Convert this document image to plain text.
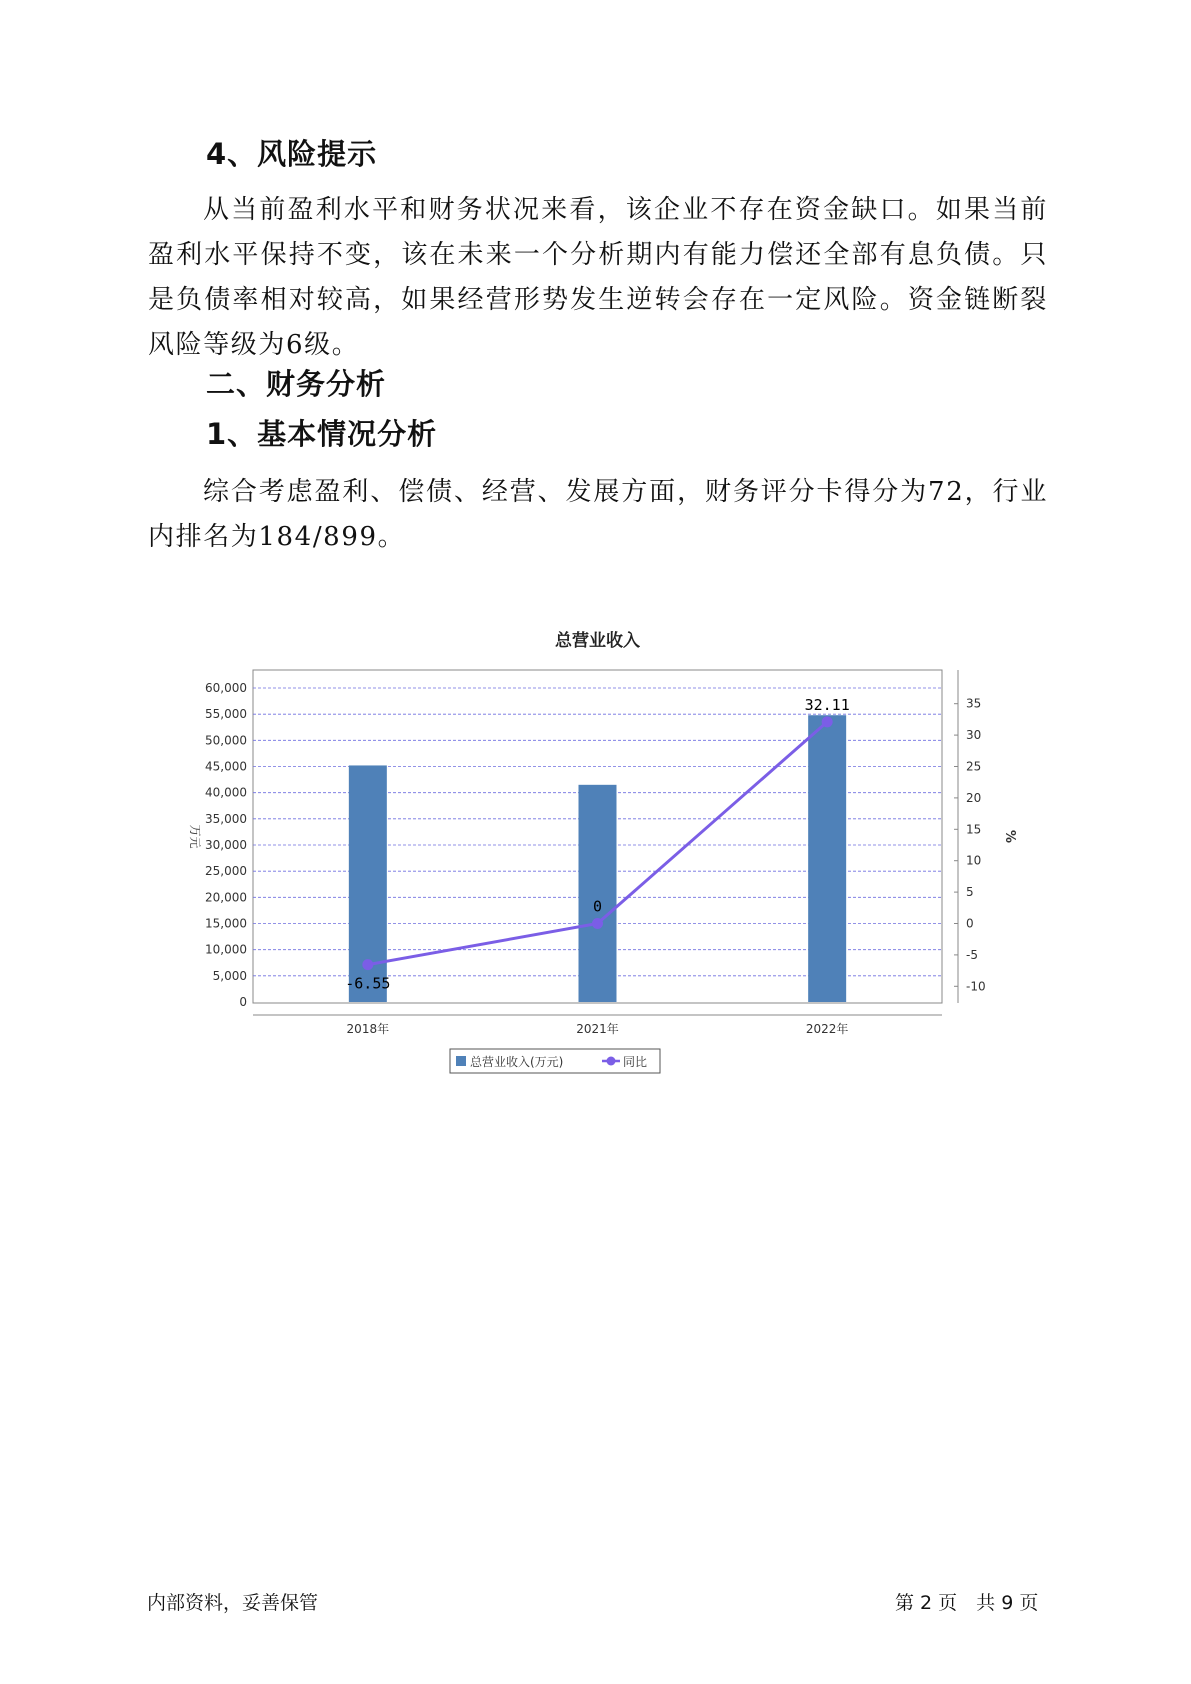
4、风险提示

从当前盈利水平和财务状况来看，该企业不存在资金缺口。如果当前盈利水平保持不变，该在未来一个分析期内有能力偿还全部有息负债。只是负债率相对较高，如果经营形势发生逆转会存在一定风险。资金链断裂风险等级为6级。

二、财务分析
1、基本情况分析

综合考虑盈利、偿债、经营、发展方面，财务评分卡得分为72，行业内排名为184/899。

总营业收入
60,000
55,000
50,000
45,000
40,000
35,000
30,000
25,000
20,000
15,000
10,000
5,000
0
万元
35
30
25
20
15
10
5
0
-5
-10
%
2018年	2021年	2022年
-6.55
0
32.11
总营业收入(万元)	同比
内部资料，妥善保管	第 2 页　共 9 页
